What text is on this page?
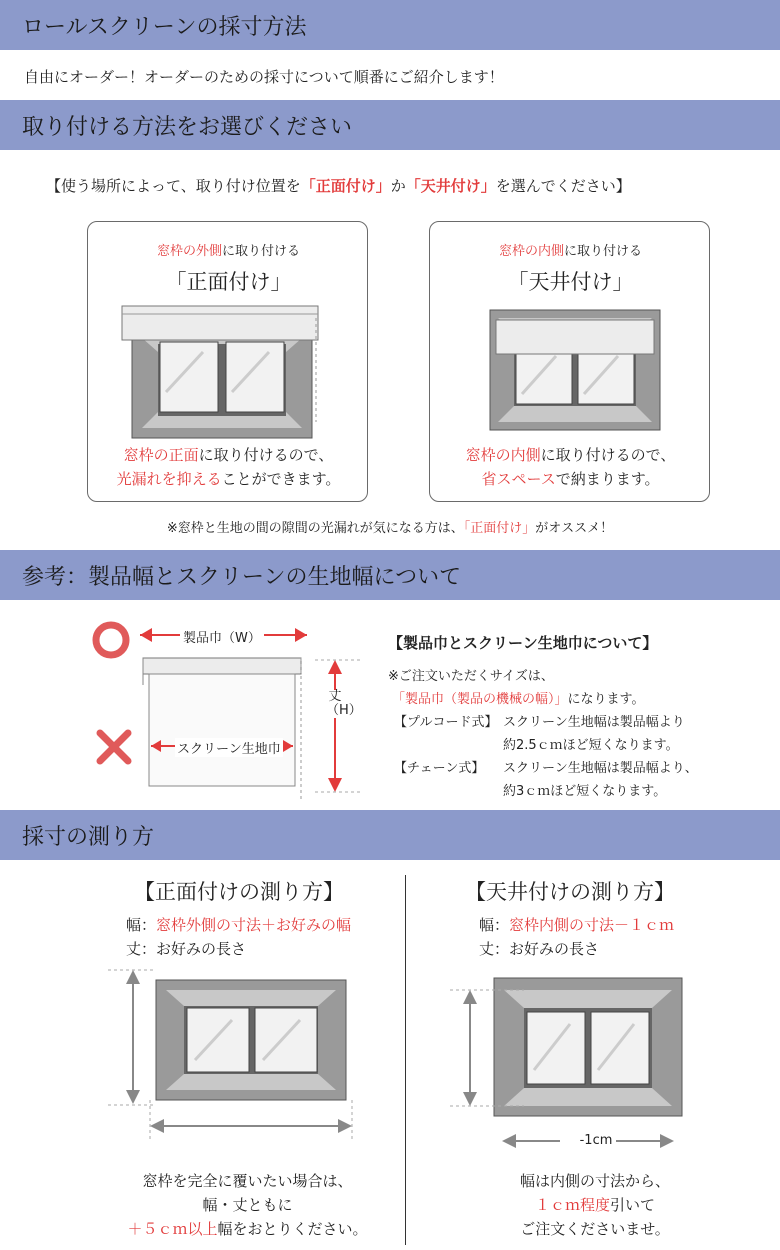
ロールスクリーンの採寸方法
自由にオーダー！オーダーのための採寸について順番にご紹介します！
取り付ける方法をお選びください
【使う場所によって、取り付け位置を「正面付け」か「天井付け」を選んでください】
窓枠の外側に取り付ける
「正面付け」
窓枠の正面に取り付けるので、
光漏れを抑えることができます。
窓枠の内側に取り付ける
「天井付け」
窓枠の内側に取り付けるので、
省スペースで納まります。
※窓枠と生地の間の隙間の光漏れが気になる方は、「正面付け」がオススメ！
参考：製品幅とスクリーンの生地幅について
製品巾（W）
スクリーン生地巾
丈（H）
【製品巾とスクリーン生地巾について】
※ご注文いただくサイズは、
「製品巾（製品の機械の幅）」になります。
【プルコード式】 スクリーン生地幅は製品幅より
約2.5ｃｍほど短くなります。
【チェーン式】 スクリーン生地幅は製品幅より、
約3ｃｍほど短くなります。
採寸の測り方
【正面付けの測り方】
幅：窓枠外側の寸法＋お好みの幅
丈：お好みの長さ
窓枠を完全に覆いたい場合は、
幅・丈ともに
＋５ｃｍ以上幅をおとりください。
【天井付けの測り方】
幅：窓枠内側の寸法－１ｃｍ
丈：お好みの長さ
-1cm
幅は内側の寸法から、
１ｃｍ程度引いて
ご注文くださいませ。
